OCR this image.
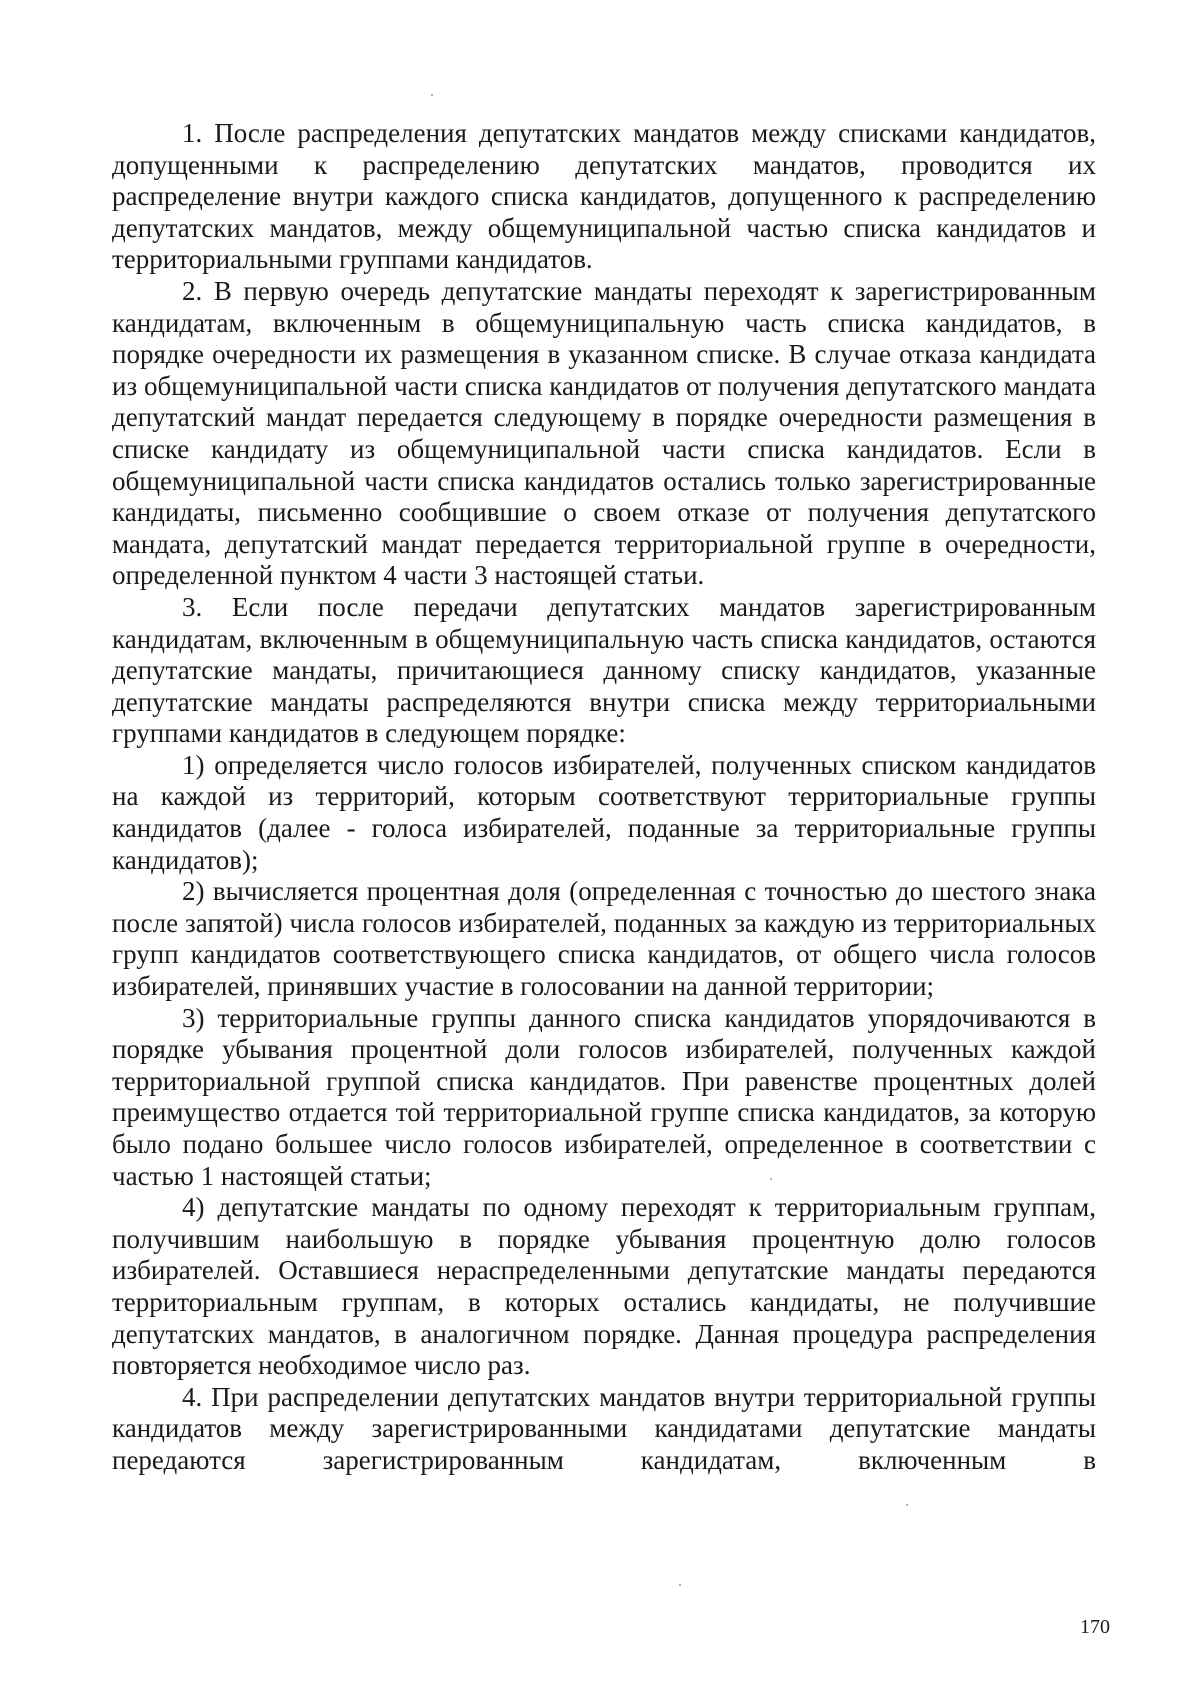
1. После распределения депутатских мандатов между списками кандидатов, допущенными к распределению депутатских мандатов, проводится их распределение внутри каждого списка кандидатов, допущенного к распределению депутатских мандатов, между общемуниципальной частью списка кандидатов и территориальными группами кандидатов.

2. В первую очередь депутатские мандаты переходят к зарегистрированным кандидатам, включенным в общемуниципальную часть списка кандидатов, в порядке очередности их размещения в указанном списке. В случае отказа кандидата из общемуниципальной части списка кандидатов от получения депутатского мандата депутатский мандат передается следующему в порядке очередности размещения в списке кандидату из общемуниципальной части списка кандидатов. Если в общемуниципальной части списка кандидатов остались только зарегистрированные кандидаты, письменно сообщившие о своем отказе от получения депутатского мандата, депутатский мандат передается территориальной группе в очередности, определенной пунктом 4 части 3 настоящей статьи.

3. Если после передачи депутатских мандатов зарегистрированным кандидатам, включенным в общемуниципальную часть списка кандидатов, остаются депутатские мандаты, причитающиеся данному списку кандидатов, указанные депутатские мандаты распределяются внутри списка между территориальными группами кандидатов в следующем порядке:

1) определяется число голосов избирателей, полученных списком кандидатов на каждой из территорий, которым соответствуют территориальные группы кандидатов (далее - голоса избирателей, поданные за территориальные группы кандидатов);

2) вычисляется процентная доля (определенная с точностью до шестого знака после запятой) числа голосов избирателей, поданных за каждую из территориальных групп кандидатов соответствующего списка кандидатов, от общего числа голосов избирателей, принявших участие в голосовании на данной территории;

3) территориальные группы данного списка кандидатов упорядочиваются в порядке убывания процентной доли голосов избирателей, полученных каждой территориальной группой списка кандидатов. При равенстве процентных долей преимущество отдается той территориальной группе списка кандидатов, за которую было подано большее число голосов избирателей, определенное в соответствии с частью 1 настоящей статьи;

4) депутатские мандаты по одному переходят к территориальным группам, получившим наибольшую в порядке убывания процентную долю голосов избирателей. Оставшиеся нераспределенными депутатские мандаты передаются территориальным группам, в которых остались кандидаты, не получившие депутатских мандатов, в аналогичном порядке. Данная процедура распределения повторяется необходимое число раз.

4. При распределении депутатских мандатов внутри территориальной группы кандидатов между зарегистрированными кандидатами депутатские мандаты передаются зарегистрированным кандидатам, включенным в

170
